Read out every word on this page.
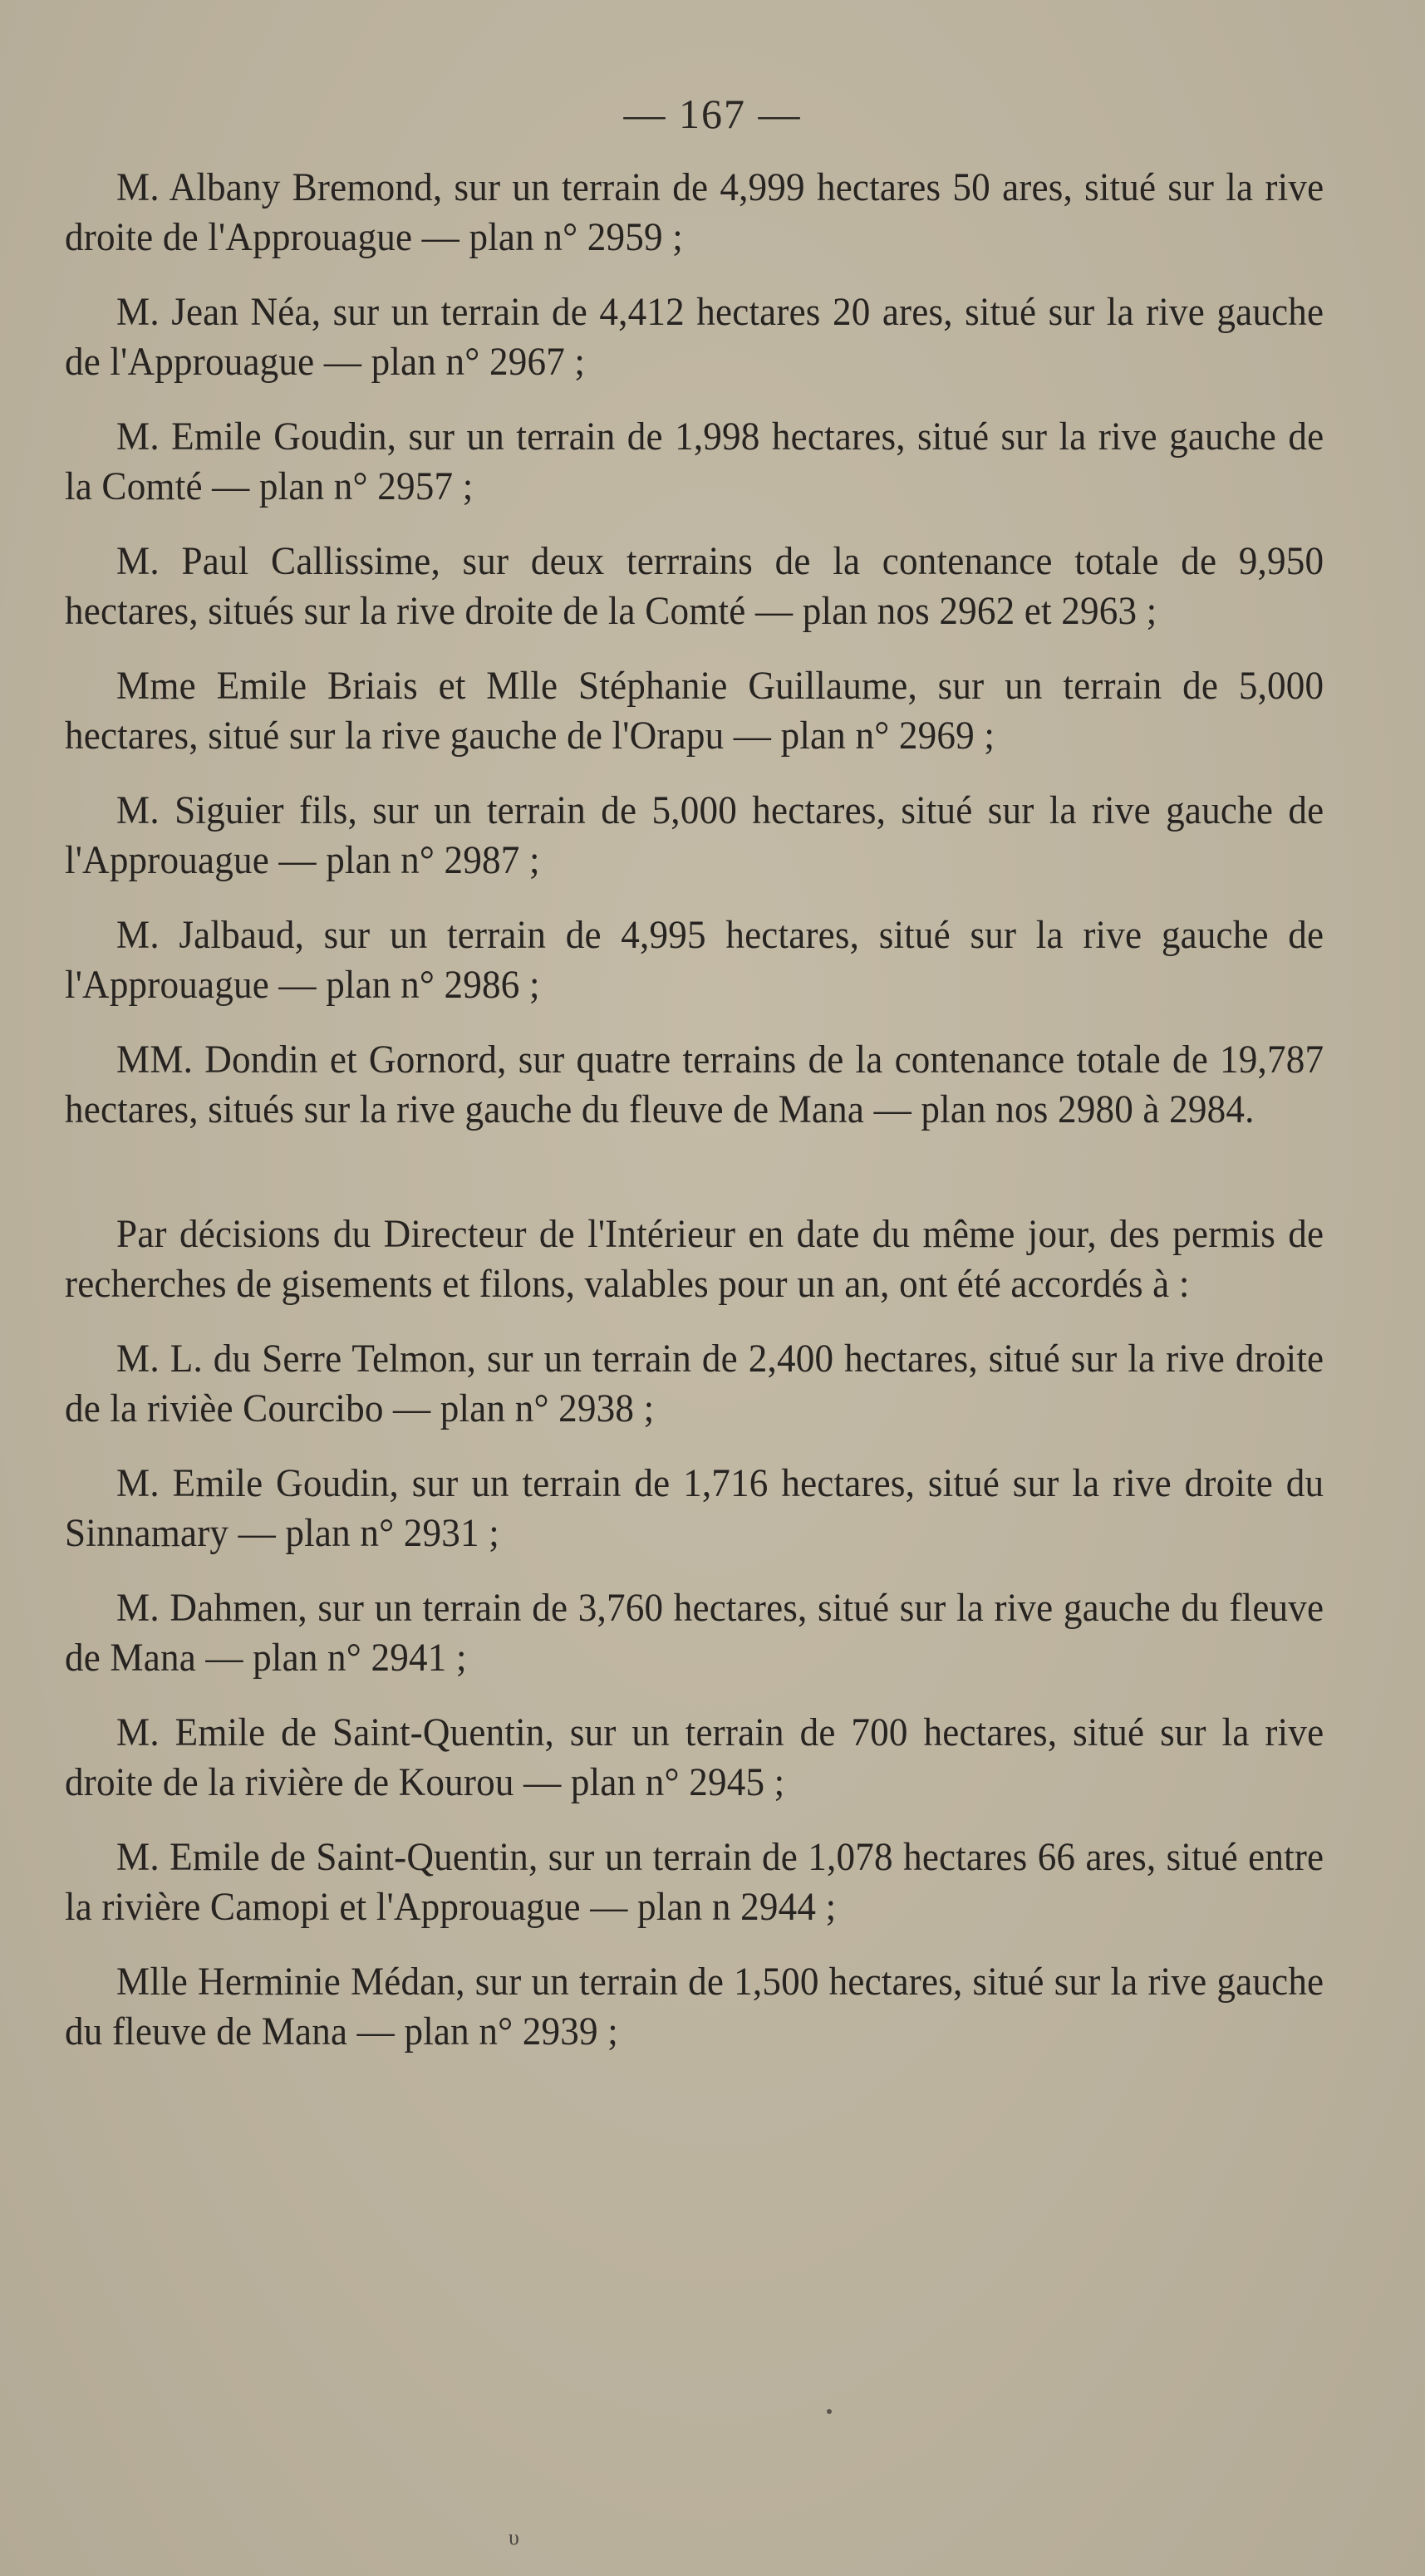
— 167 —

M. Albany Bremond, sur un terrain de 4,999 hectares 50 ares, situé sur la rive droite de l'Approuague — plan n° 2959 ;

M. Jean Néa, sur un terrain de 4,412 hectares 20 ares, situé sur la rive gauche de l'Approuague — plan n° 2967 ;

M. Emile Goudin, sur un terrain de 1,998 hectares, situé sur la rive gauche de la Comté — plan n° 2957 ;

M. Paul Callissime, sur deux terrrains de la contenance totale de 9,950 hectares, situés sur la rive droite de la Comté — plan nos 2962 et 2963 ;

Mme Emile Briais et Mlle Stéphanie Guillaume, sur un terrain de 5,000 hectares, situé sur la rive gauche de l'Orapu — plan n° 2969 ;

M. Siguier fils, sur un terrain de 5,000 hectares, situé sur la rive gauche de l'Approuague — plan n° 2987 ;

M. Jalbaud, sur un terrain de 4,995 hectares, situé sur la rive gauche de l'Approuague — plan n° 2986 ;

MM. Dondin et Gornord, sur quatre terrains de la contenance totale de 19,787 hectares, situés sur la rive gauche du fleuve de Mana — plan nos 2980 à 2984.

Par décisions du Directeur de l'Intérieur en date du même jour, des permis de recherches de gisements et filons, valables pour un an, ont été accordés à :

M. L. du Serre Telmon, sur un terrain de 2,400 hectares, situé sur la rive droite de la rivièe Courcibo — plan n° 2938 ;

M. Emile Goudin, sur un terrain de 1,716 hectares, situé sur la rive droite du Sinnamary — plan n° 2931 ;

M. Dahmen, sur un terrain de 3,760 hectares, situé sur la rive gauche du fleuve de Mana — plan n° 2941 ;

M. Emile de Saint-Quentin, sur un terrain de 700 hectares, situé sur la rive droite de la rivière de Kourou — plan n° 2945 ;

M. Emile de Saint-Quentin, sur un terrain de 1,078 hectares 66 ares, situé entre la rivière Camopi et l'Approuague — plan n 2944 ;

Mlle Herminie Médan, sur un terrain de 1,500 hectares, situé sur la rive gauche du fleuve de Mana — plan n° 2939 ;

υ
